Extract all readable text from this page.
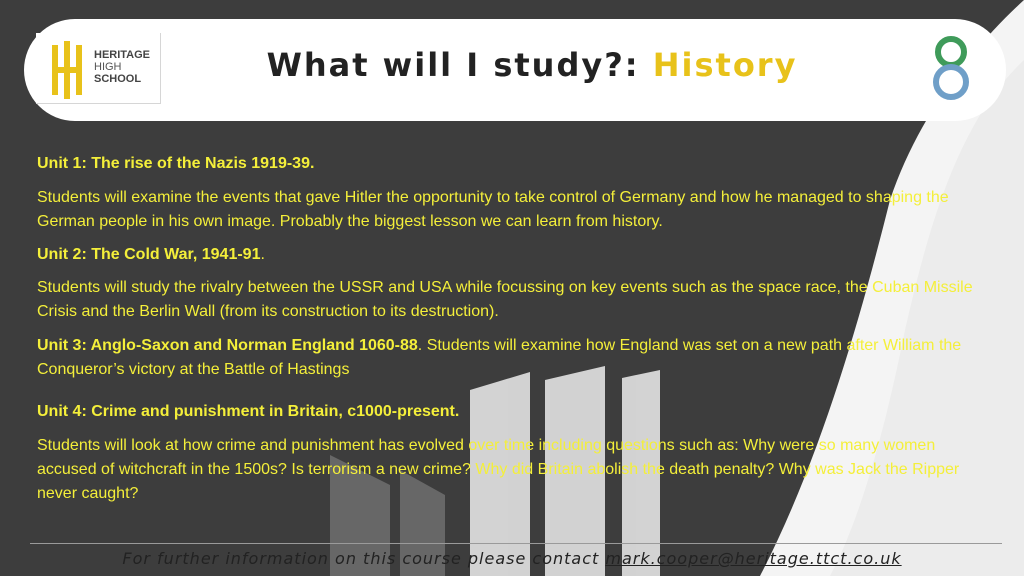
HERITAGE
HIGH
SCHOOL	What will I study?: History

Unit 1: The rise of the Nazis 1919-39.

Students will examine the events that gave Hitler the opportunity to take control of Germany and how he managed to shaping the German people in his own image. Probably the biggest lesson we can learn from history.

Unit 2: The Cold War, 1941-91.

Students will study the rivalry between the USSR and USA while focussing on key events such as the space race, the Cuban Missile Crisis and the Berlin Wall (from its construction to its destruction).

Unit 3: Anglo-Saxon and Norman England 1060-88. Students will examine how England was set on a new path after William the Conqueror’s victory at the Battle of Hastings

Unit 4: Crime and punishment in Britain, c1000-present.

Students will look at how crime and punishment has evolved over time including questions such as: Why were so many women accused of witchcraft in the 1500s? Is terrorism a new crime? Why did Britain abolish the death penalty? Why was Jack the Ripper never caught?

For further information on this course please contact mark.cooper@heritage.ttct.co.uk
